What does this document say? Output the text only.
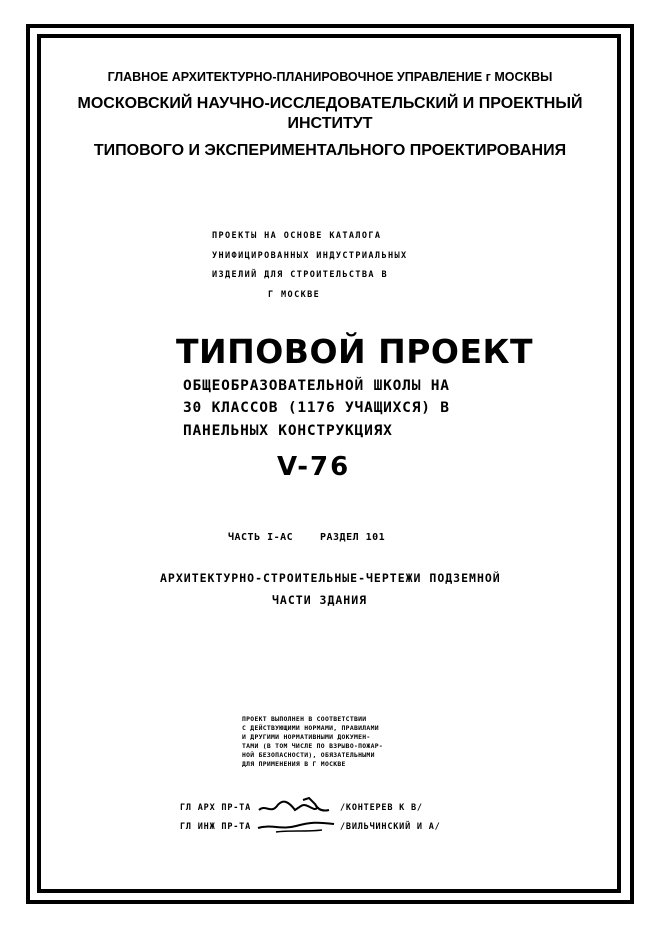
ГЛАВНОЕ АРХИТЕКТУРНО-ПЛАНИРОВОЧНОЕ УПРАВЛЕНИЕ г МОСКВЫ
МОСКОВСКИЙ НАУЧНО-ИССЛЕДОВАТЕЛЬСКИЙ И ПРОЕКТНЫЙ
ИНСТИТУТ
ТИПОВОГО И ЭКСПЕРИМЕНТАЛЬНОГО ПРОЕКТИРОВАНИЯ
ПРОЕКТЫ НА ОСНОВЕ КАТАЛОГА
УНИФИЦИРОВАННЫХ ИНДУСТРИАЛЬНЫХ
ИЗДЕЛИЙ ДЛЯ СТРОИТЕЛЬСТВА В
Г МОСКВЕ
ТИПОВОЙ ПРОЕКТ
ОБЩЕОБРАЗОВАТЕЛЬНОЙ ШКОЛЫ НА
30 КЛАССОВ (1176 УЧАЩИХСЯ) В
ПАНЕЛЬНЫХ КОНСТРУКЦИЯХ
V-76
ЧАСТЬ I-АС	РАЗДЕЛ 101
АРХИТЕКТУРНО-СТРОИТЕЛЬНЫЕ-ЧЕРТЕЖИ ПОДЗЕМНОЙ
ЧАСТИ ЗДАНИЯ
ПРОЕКТ ВЫПОЛНЕН В СООТВЕТСТВИИ
С ДЕЙСТВУЮЩИМИ НОРМАМИ, ПРАВИЛАМИ
И ДРУГИМИ НОРМАТИВНЫМИ ДОКУМЕН-
ТАМИ (В ТОМ ЧИСЛЕ ПО ВЗРЫВО-ПОЖАР-
НОЙ БЕЗОПАСНОСТИ), ОБЯЗАТЕЛЬНЫМИ
ДЛЯ ПРИМЕНЕНИЯ В Г МОСКВЕ
ГЛ АРХ ПР-ТА	/КОНТЕРЕВ К В/
ГЛ ИНЖ ПР-ТА	/ВИЛЬЧИНСКИЙ И А/
